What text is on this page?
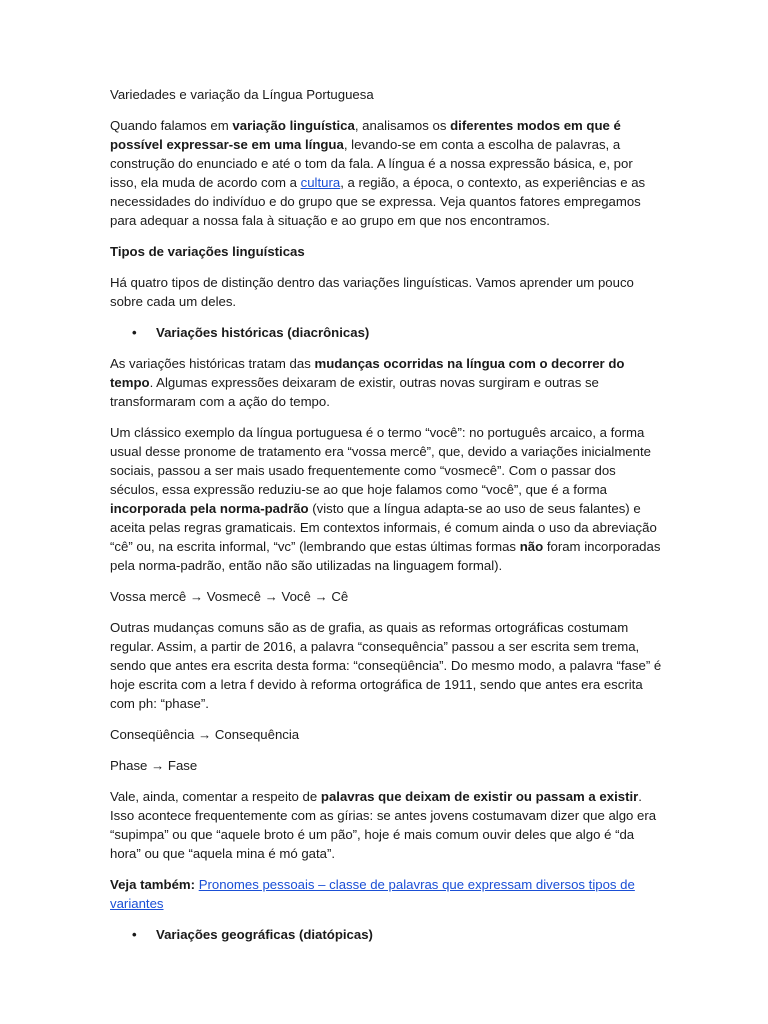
Variedades e variação da Língua Portuguesa

Quando falamos em variação linguística, analisamos os diferentes modos em que é possível expressar-se em uma língua, levando-se em conta a escolha de palavras, a construção do enunciado e até o tom da fala. A língua é a nossa expressão básica, e, por isso, ela muda de acordo com a cultura, a região, a época, o contexto, as experiências e as necessidades do indivíduo e do grupo que se expressa. Veja quantos fatores empregamos para adequar a nossa fala à situação e ao grupo em que nos encontramos.

Tipos de variações linguísticas

Há quatro tipos de distinção dentro das variações linguísticas. Vamos aprender um pouco sobre cada um deles.

• Variações históricas (diacrônicas)

As variações históricas tratam das mudanças ocorridas na língua com o decorrer do tempo. Algumas expressões deixaram de existir, outras novas surgiram e outras se transformaram com a ação do tempo.

Um clássico exemplo da língua portuguesa é o termo “você”: no português arcaico, a forma usual desse pronome de tratamento era “vossa mercê”, que, devido a variações inicialmente sociais, passou a ser mais usado frequentemente como “vosmecê”. Com o passar dos séculos, essa expressão reduziu-se ao que hoje falamos como “você”, que é a forma incorporada pela norma-padrão (visto que a língua adapta-se ao uso de seus falantes) e aceita pelas regras gramaticais. Em contextos informais, é comum ainda o uso da abreviação “cê” ou, na escrita informal, “vc” (lembrando que estas últimas formas não foram incorporadas pela norma-padrão, então não são utilizadas na linguagem formal).

Vossa mercê → Vosmecê → Você → Cê

Outras mudanças comuns são as de grafia, as quais as reformas ortográficas costumam regular. Assim, a partir de 2016, a palavra “consequência” passou a ser escrita sem trema, sendo que antes era escrita desta forma: “conseqüência”. Do mesmo modo, a palavra “fase” é hoje escrita com a letra f devido à reforma ortográfica de 1911, sendo que antes era escrita com ph: “phase”.

Conseqüência → Consequência

Phase → Fase

Vale, ainda, comentar a respeito de palavras que deixam de existir ou passam a existir. Isso acontece frequentemente com as gírias: se antes jovens costumavam dizer que algo era “supimpa” ou que “aquele broto é um pão”, hoje é mais comum ouvir deles que algo é “da hora” ou que “aquela mina é mó gata”.

Veja também: Pronomes pessoais – classe de palavras que expressam diversos tipos de variantes

• Variações geográficas (diatópicas)
